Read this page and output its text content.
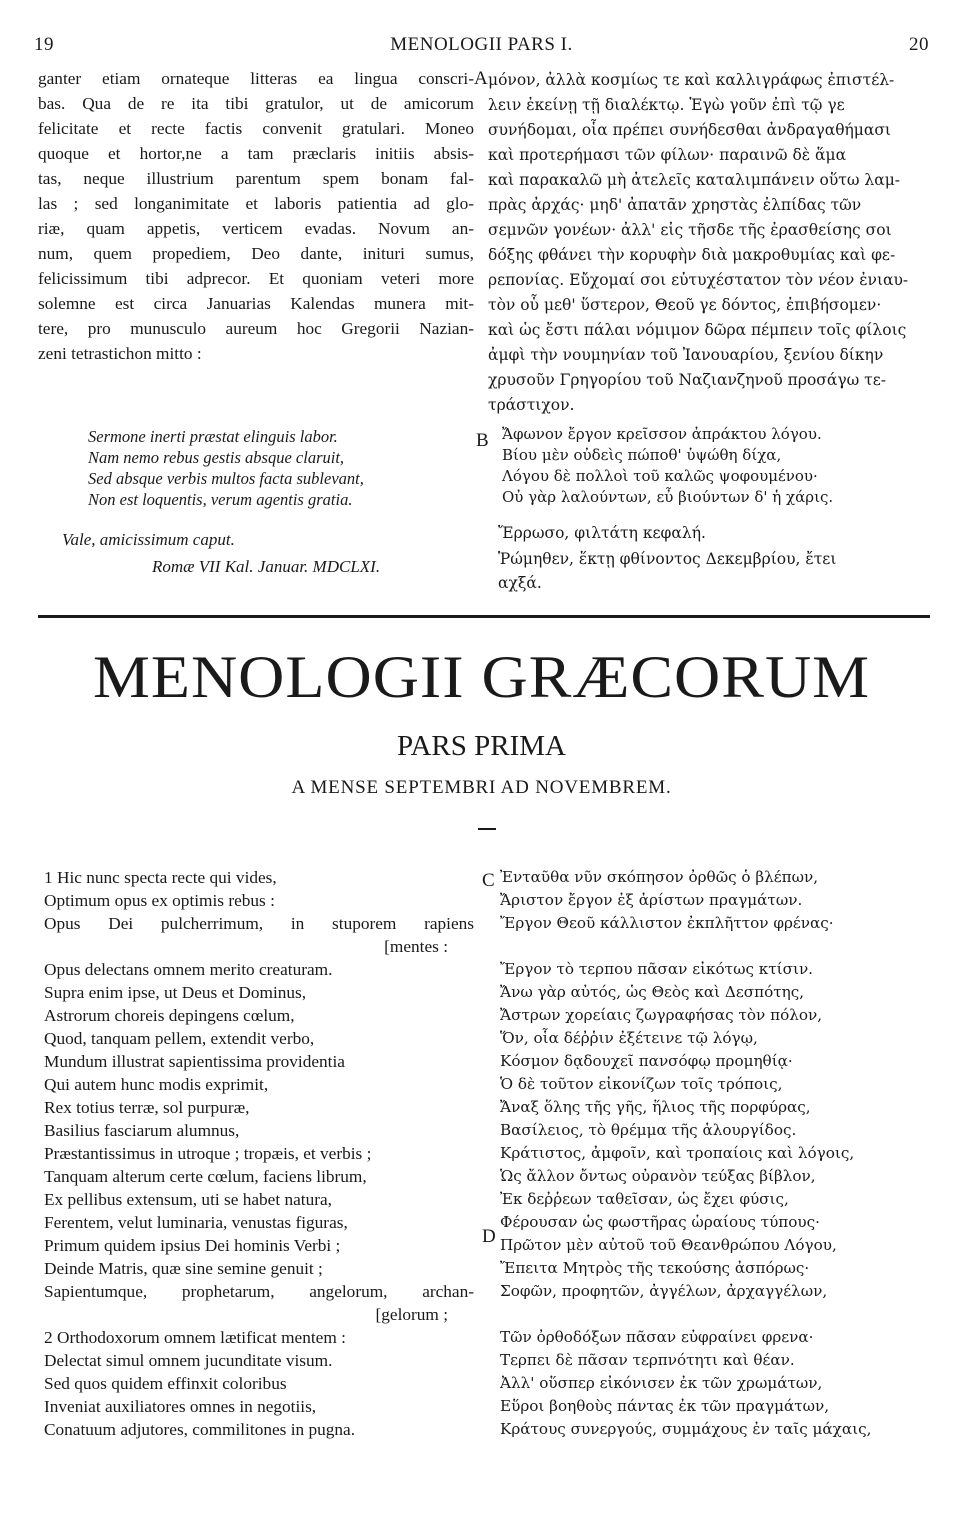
19	MENOLOGII PARS I.	20
ganter etiam ornateque litteras ea lingua conscri-
bas. Qua de re ita tibi gratulor, ut de amicorum
felicitate et recte factis convenit gratulari. Moneo
quoque et hortor,ne a tam præclaris initiis absis-
tas, neque illustrium parentum spem bonam fal-
las ; sed longanimitate et laboris patientia ad glo-
riæ, quam appetis, verticem evadas. Novum an-
num, quem propediem, Deo dante, inituri sumus,
felicissimum tibi adprecor. Et quoniam veteri more
solemne est circa Januarias Kalendas munera mit-
tere, pro munusculo aureum hoc Gregorii Nazian-
zeni tetrastichon mitto :
A μόνον, ἀλλὰ κοσμίως τε καὶ καλλιγράφως ἐπιστέλ-
λειν ἐκείνῃ τῇ διαλέκτῳ. Ἐγὼ γοῦν ἐπὶ τῷ γε
συνήδομαι, οἷα πρέπει συνήδεσθαι ἀνδραγαθήμασι
καὶ προτερήμασι τῶν φίλων· παραινῶ δὲ ἅμα
καὶ παρακαλῶ μὴ ἀτελεῖς καταλιμπάνειν οὕτω λαμ-
πρὰς ἀρχάς· μηδ' ἀπατᾶν χρηστὰς ἐλπίδας τῶν
σεμνῶν γονέων· ἀλλ' εἰς τῆσδε τῆς ἐρασθείσης σοι
δόξης φθάνει τὴν κορυφὴν διὰ μακροθυμίας καὶ φε-
ρεπονίας. Εὔχομαί σοι εὐτυχέστατον τὸν νέον ἐνιαυ-
τὸν οὗ μεθ' ὕστερον, Θεοῦ γε δόντος, ἐπιβήσομεν·
καὶ ὡς ἔστι πάλαι νόμιμον δῶρα πέμπειν τοῖς φίλοις
ἀμφὶ τὴν νουμηνίαν τοῦ Ἰανουαρίου, ξενίου δίκην
χρυσοῦν Γρηγορίου τοῦ Ναζιανζηνοῦ προσάγω τε-
τράστιχον.
Sermone inerti præstat elinguis labor.
Nam nemo rebus gestis absque claruit,
Sed absque verbis multos facta sublevant,
Non est loquentis, verum agentis gratia.
B Ἄφωνον ἔργον κρεῖσσον ἀπράκτου λόγου.
Βίου μὲν οὐδεὶς πώποθ' ὑψώθη δίχα,
Λόγου δὲ πολλοὶ τοῦ καλῶς ψοφουμένου·
Οὐ γὰρ λαλούντων, εὖ βιούντων δ' ἡ χάρις.
Vale, amicissimum caput.
Romæ VII Kal. Januar. MDCLXI.
Ἔρρωσο, φιλτάτη κεφαλή.
Ῥώμηθεν, ἕκτῃ φθίνοντος Δεκεμβρίου, ἔτει
αχξά.
MENOLOGII GRÆCORUM
PARS PRIMA
A MENSE SEPTEMBRI AD NOVEMBREM.
1 Hic nunc specta recte qui vides,
Optimum opus ex optimis rebus :
Opus Dei pulcherrimum, in stuporem rapiens
[mentes :
Opus delectans omnem merito creaturam.
Supra enim ipse, ut Deus et Dominus,
Astrorum choreis depingens cœlum,
Quod, tanquam pellem, extendit verbo,
Mundum illustrat sapientissima providentia
Qui autem hunc modis exprimit,
Rex totius terræ, sol purpuræ,
Basilius fasciarum alumnus,
Præstantissimus in utroque ; tropæis, et verbis ;
Tanquam alterum certe cœlum, faciens librum,
Ex pellibus extensum, uti se habet natura,
Ferentem, velut luminaria, venustas figuras,
Primum quidem ipsius Dei hominis Verbi ;
Deinde Matris, quæ sine semine genuit ;
Sapientumque, prophetarum, angelorum, archan-
[gelorum ;
2 Orthodoxorum omnem lætificat mentem :
Delectat simul omnem jucunditate visum.
Sed quos quidem effinxit coloribus
Inveniat auxiliatores omnes in negotiis,
Conatuum adjutores, commilitones in pugna.
C
D
Ἐνταῦθα νῦν σκόπησον ὀρθῶς ὁ βλέπων,
Ἄριστον ἔργον ἐξ ἀρίστων πραγμάτων.
Ἔργον Θεοῦ κάλλιστον ἐκπλῆττον φρένας·

Ἔργον τὸ τερπου πᾶσαν εἰκότως κτίσιν.
Ἄνω γὰρ αὐτός, ὡς Θεὸς καὶ Δεσπότης,
Ἄστρων χορείαις ζωγραφήσας τὸν πόλον,
Ὅν, οἷα δέῤῥιν ἐξέτεινε τῷ λόγῳ,
Κόσμον δᾳδουχεῖ πανσόφῳ προμηθίᾳ·
Ὁ δὲ τοῦτον εἰκονίζων τοῖς τρόποις,
Ἄναξ ὅλης τῆς γῆς, ἥλιος τῆς πορφύρας,
Βασίλειος, τὸ θρέμμα τῆς ἁλουργίδος.
Κράτιστος, ἀμφοῖν, καὶ τροπαίοις καὶ λόγοις,
Ὡς ἄλλον ὄντως οὐρανὸν τεύξας βίβλον,
Ἐκ δεῤῥεων ταθεῖσαν, ὡς ἔχει φύσις,
Φέρουσαν ὡς φωστῆρας ὡραίους τύπους·
Πρῶτον μὲν αὐτοῦ τοῦ Θεανθρώπου Λόγου,
Ἔπειτα Μητρὸς τῆς τεκούσης ἀσπόρως·
Σοφῶν, προφητῶν, ἀγγέλων, ἀρχαγγέλων,

Τῶν ὀρθοδόξων πᾶσαν εὐφραίνει φρενα·
Τερπει δὲ πᾶσαν τερπνότητι καὶ θέαν.
Ἀλλ' οὕσπερ εἰκόνισεν ἐκ τῶν χρωμάτων,
Εὕροι βοηθοὺς πάντας ἐκ τῶν πραγμάτων,
Κράτους συνεργούς, συμμάχους ἐν ταῖς μάχαις,
